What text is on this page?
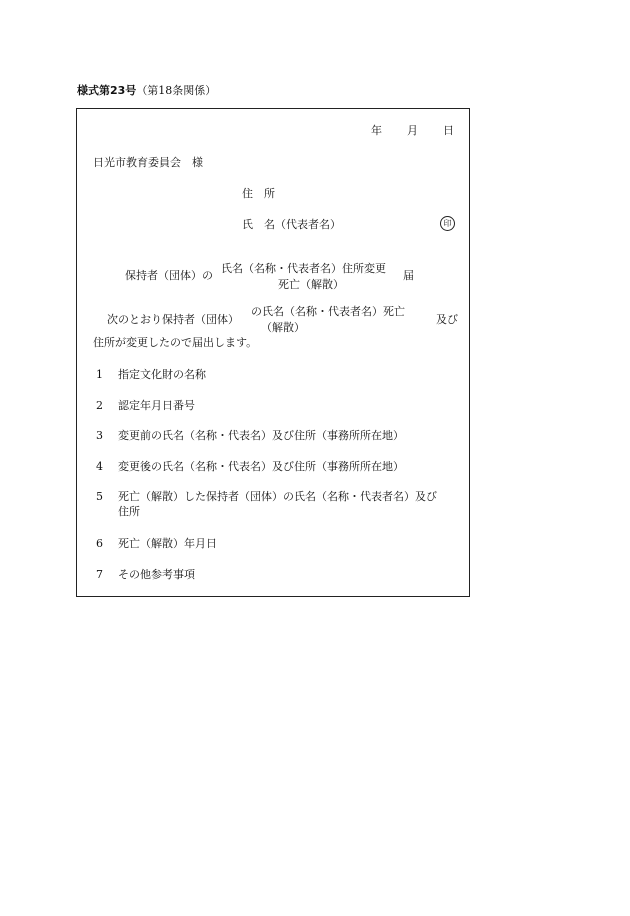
様式第23号（第18条関係）
年 月 日
日光市教育委員会　様
住　所
氏　名（代表者名）	印
保持者（団体）の
氏名（名称・代表者名）住所変更
死亡（解散）
届
次のとおり保持者（団体）
の氏名（名称・代表者名）死亡
（解散）
及び
住所が変更したので届出します。
1 指定文化財の名称
2 認定年月日番号
3 変更前の氏名（名称・代表名）及び住所（事務所所在地）
4 変更後の氏名（名称・代表名）及び住所（事務所所在地）
5 死亡（解散）した保持者（団体）の氏名（名称・代表者名）及び
住所
6 死亡（解散）年月日
7 その他参考事項
